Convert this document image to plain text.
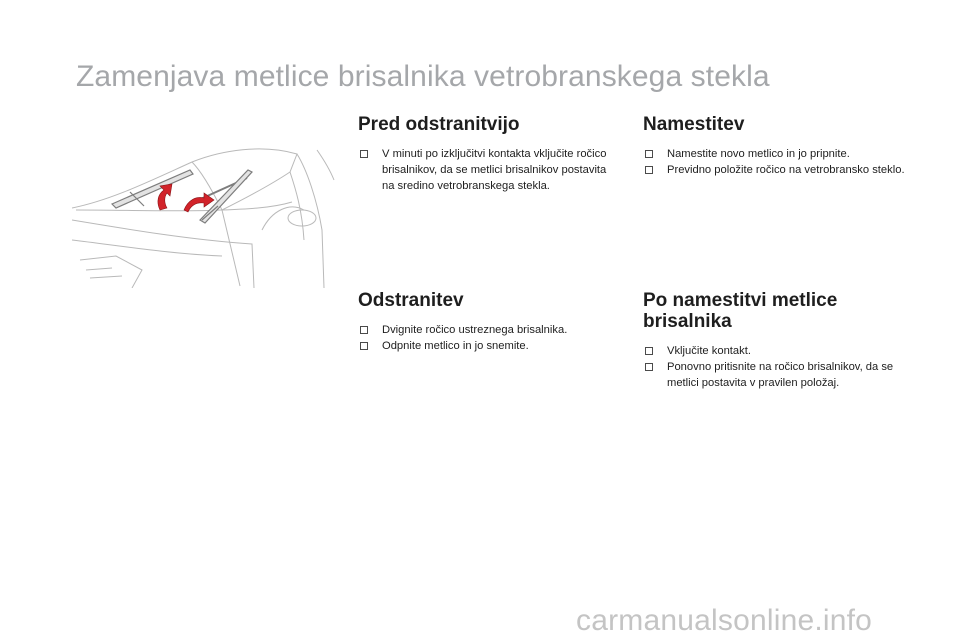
Zamenjava metlice brisalnika vetrobranskega stekla
Pred odstranitvijo
V minuti po izključitvi kontakta vključite ročico brisalnikov, da se metlici brisalnikov postavita na sredino vetrobranskega stekla.
Namestitev
Namestite novo metlico in jo pripnite.
Previdno položite ročico na vetrobransko steklo.
Odstranitev
Dvignite ročico ustreznega brisalnika.
Odpnite metlico in jo snemite.
Po namestitvi metlice brisalnika
Vključite kontakt.
Ponovno pritisnite na ročico brisalnikov, da se metlici postavita v pravilen položaj.
carmanualsonline.info
